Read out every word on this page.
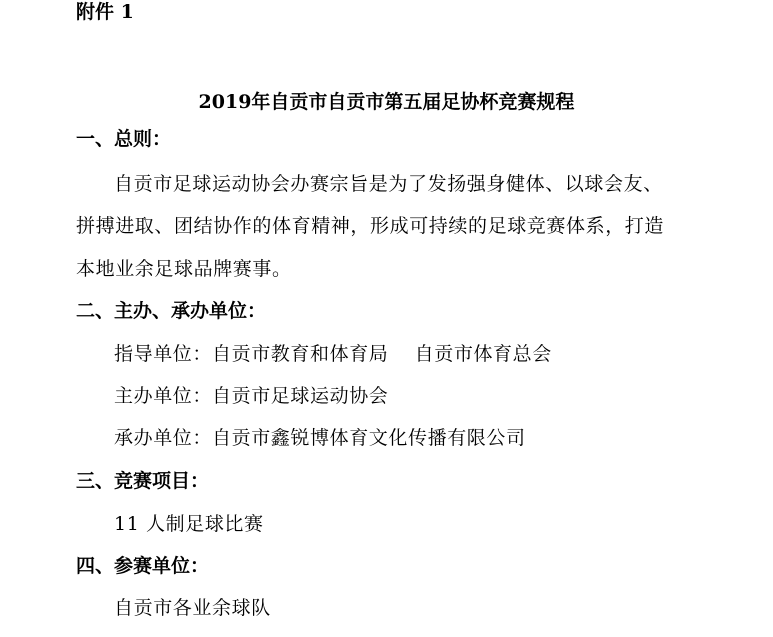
附件 1
2019年自贡市自贡市第五届足协杯竞赛规程
一、总则：
自贡市足球运动协会办赛宗旨是为了发扬强身健体、以球会友、
拼搏进取、团结协作的体育精神，形成可持续的足球竞赛体系，打造
本地业余足球品牌赛事。
二、主办、承办单位：
指导单位：自贡市教育和体育局　 自贡市体育总会
主办单位：自贡市足球运动协会
承办单位：自贡市鑫锐博体育文化传播有限公司
三、竞赛项目：
11 人制足球比赛
四、参赛单位：
自贡市各业余球队
